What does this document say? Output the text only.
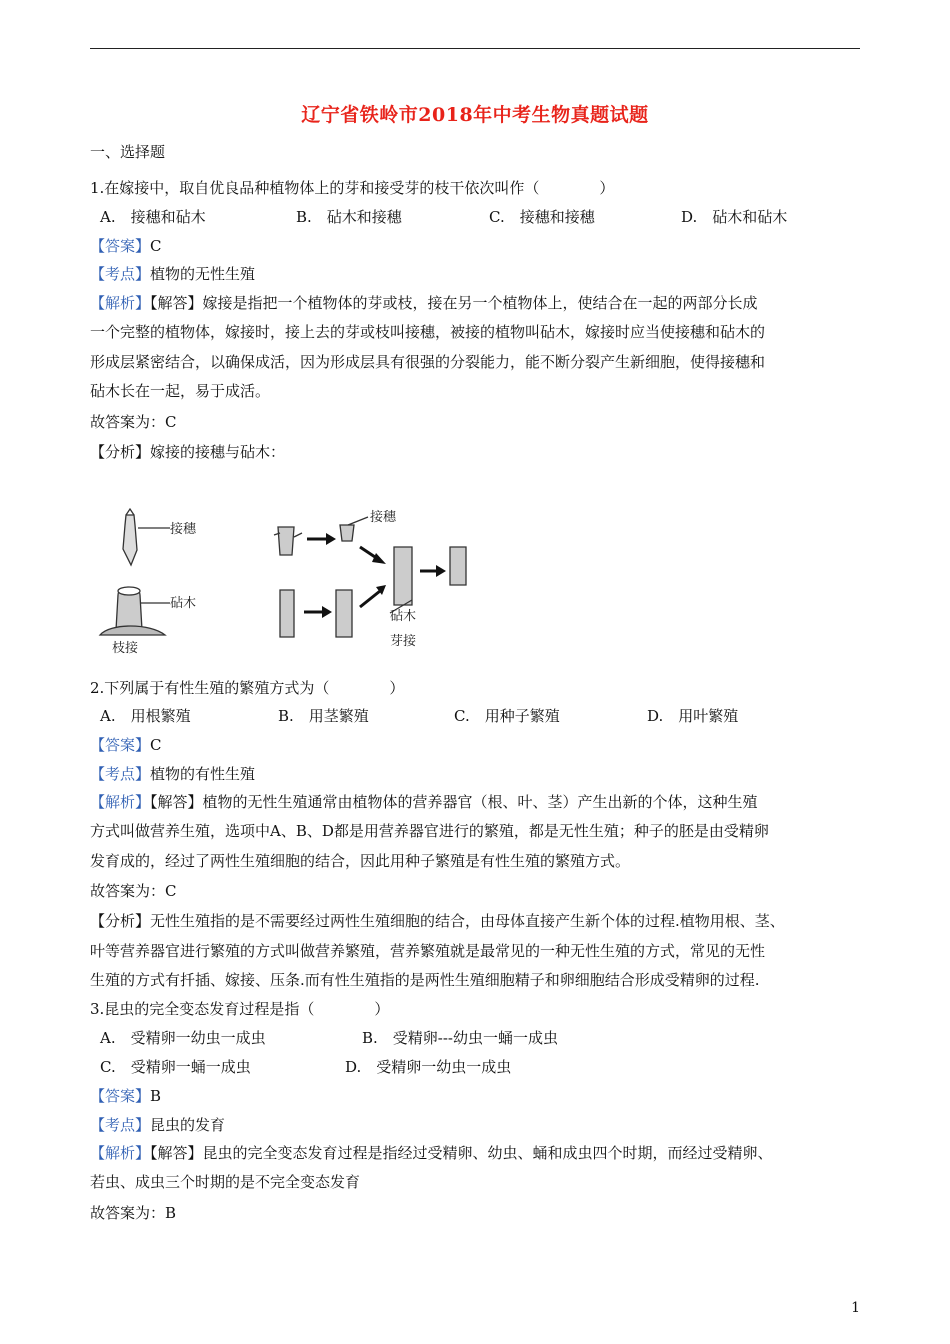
辽宁省铁岭市2018年中考生物真题试题
一、选择题
1.在嫁接中，取自优良品种植物体上的芽和接受芽的枝干依次叫作（　　　　）
A.　接穗和砧木	B.　砧木和接穗	C.　接穗和接穗	D.　砧木和砧木
【答案】C
【考点】植物的无性生殖
【解析】【解答】嫁接是指把一个植物体的芽或枝，接在另一个植物体上，使结合在一起的两部分长成
一个完整的植物体，嫁接时，接上去的芽或枝叫接穗，被接的植物叫砧木，嫁接时应当使接穗和砧木的
形成层紧密结合，以确保成活，因为形成层具有很强的分裂能力，能不断分裂产生新细胞，使得接穗和
砧木长在一起，易于成活。
故答案为：C
【分析】嫁接的接穗与砧木：
接穗
砧木
枝接
接穗
砧木
芽接
2.下列属于有性生殖的繁殖方式为（　　　　）
A.　用根繁殖	B.　用茎繁殖	C.　用种子繁殖	D.　用叶繁殖
【答案】C
【考点】植物的有性生殖
【解析】【解答】植物的无性生殖通常由植物体的营养器官（根、叶、茎）产生出新的个体，这种生殖
方式叫做营养生殖，选项中A、B、D都是用营养器官进行的繁殖，都是无性生殖；种子的胚是由受精卵
发育成的，经过了两性生殖细胞的结合，因此用种子繁殖是有性生殖的繁殖方式。
故答案为：C
【分析】无性生殖指的是不需要经过两性生殖细胞的结合，由母体直接产生新个体的过程.植物用根、茎、
叶等营养器官进行繁殖的方式叫做营养繁殖，营养繁殖就是最常见的一种无性生殖的方式，常见的无性
生殖的方式有扦插、嫁接、压条.而有性生殖指的是两性生殖细胞精子和卵细胞结合形成受精卵的过程.
3.昆虫的完全变态发育过程是指（　　　　）
A.　受精卵一幼虫一成虫	B.　受精卵---幼虫一蛹一成虫
C.　受精卵一蛹一成虫	D.　受精卵一幼虫一成虫
【答案】B
【考点】昆虫的发育
【解析】【解答】昆虫的完全变态发育过程是指经过受精卵、幼虫、蛹和成虫四个时期，而经过受精卵、
若虫、成虫三个时期的是不完全变态发育
故答案为：B
1
